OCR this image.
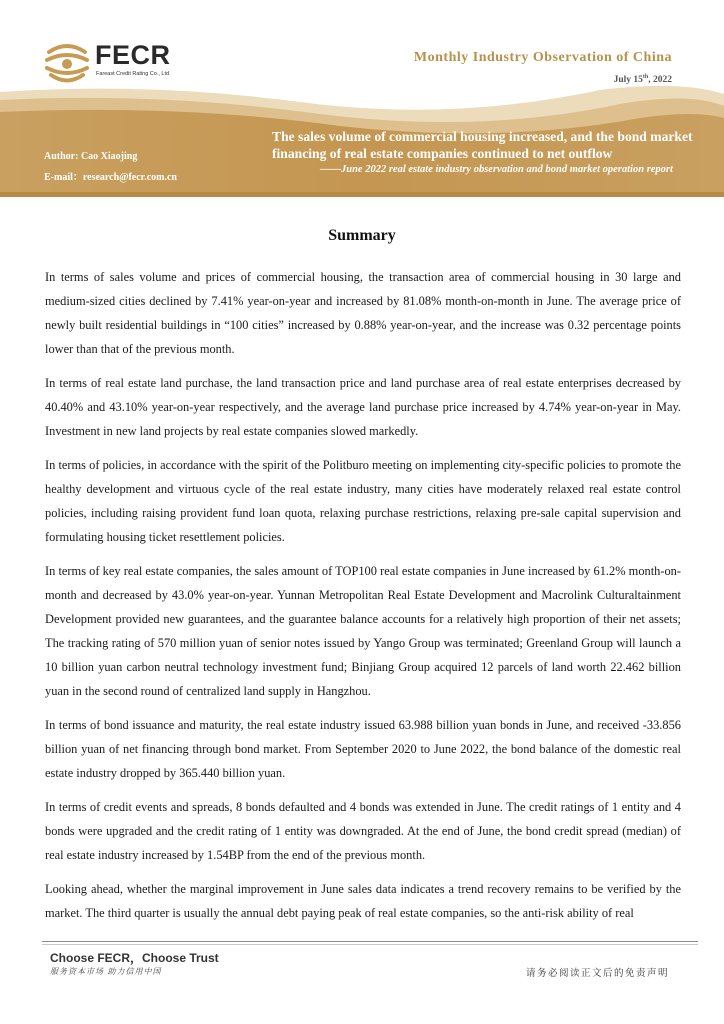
FECR
Fareast Credit Rating Co., Ltd
Monthly Industry Observation of China
July 15th, 2022
Author: Cao Xiaojing
E-mail：research@fecr.com.cn
The sales volume of commercial housing increased, and the bond market financing of real estate companies continued to net outflow
——June 2022 real estate industry observation and bond market operation report
Summary

In terms of sales volume and prices of commercial housing, the transaction area of commercial housing in 30 large and medium-sized cities declined by 7.41% year-on-year and increased by 81.08% month-on-month in June. The average price of newly built residential buildings in “100 cities” increased by 0.88% year-on-year, and the increase was 0.32 percentage points lower than that of the previous month.

In terms of real estate land purchase, the land transaction price and land purchase area of real estate enterprises decreased by 40.40% and 43.10% year-on-year respectively, and the average land purchase price increased by 4.74% year-on-year in May. Investment in new land projects by real estate companies slowed markedly.

In terms of policies, in accordance with the spirit of the Politburo meeting on implementing city-specific policies to promote the healthy development and virtuous cycle of the real estate industry, many cities have moderately relaxed real estate control policies, including raising provident fund loan quota, relaxing purchase restrictions, relaxing pre-sale capital supervision and formulating housing ticket resettlement policies.

In terms of key real estate companies, the sales amount of TOP100 real estate companies in June increased by 61.2% month-on-month and decreased by 43.0% year-on-year. Yunnan Metropolitan Real Estate Development and Macrolink Culturaltainment Development provided new guarantees, and the guarantee balance accounts for a relatively high proportion of their net assets; The tracking rating of 570 million yuan of senior notes issued by Yango Group was terminated; Greenland Group will launch a 10 billion yuan carbon neutral technology investment fund; Binjiang Group acquired 12 parcels of land worth 22.462 billion yuan in the second round of centralized land supply in Hangzhou.

In terms of bond issuance and maturity, the real estate industry issued 63.988 billion yuan bonds in June, and received -33.856 billion yuan of net financing through bond market. From September 2020 to June 2022, the bond balance of the domestic real estate industry dropped by 365.440 billion yuan.

In terms of credit events and spreads, 8 bonds defaulted and 4 bonds was extended in June. The credit ratings of 1 entity and 4 bonds were upgraded and the credit rating of 1 entity was downgraded. At the end of June, the bond credit spread (median) of real estate industry increased by 1.54BP from the end of the previous month.

Looking ahead, whether the marginal improvement in June sales data indicates a trend recovery remains to be verified by the market. The third quarter is usually the annual debt paying peak of real estate companies, so the anti-risk ability of real

Choose FECR，Choose Trust
服务资本市场 助力信用中国	请务必阅读正文后的免责声明
